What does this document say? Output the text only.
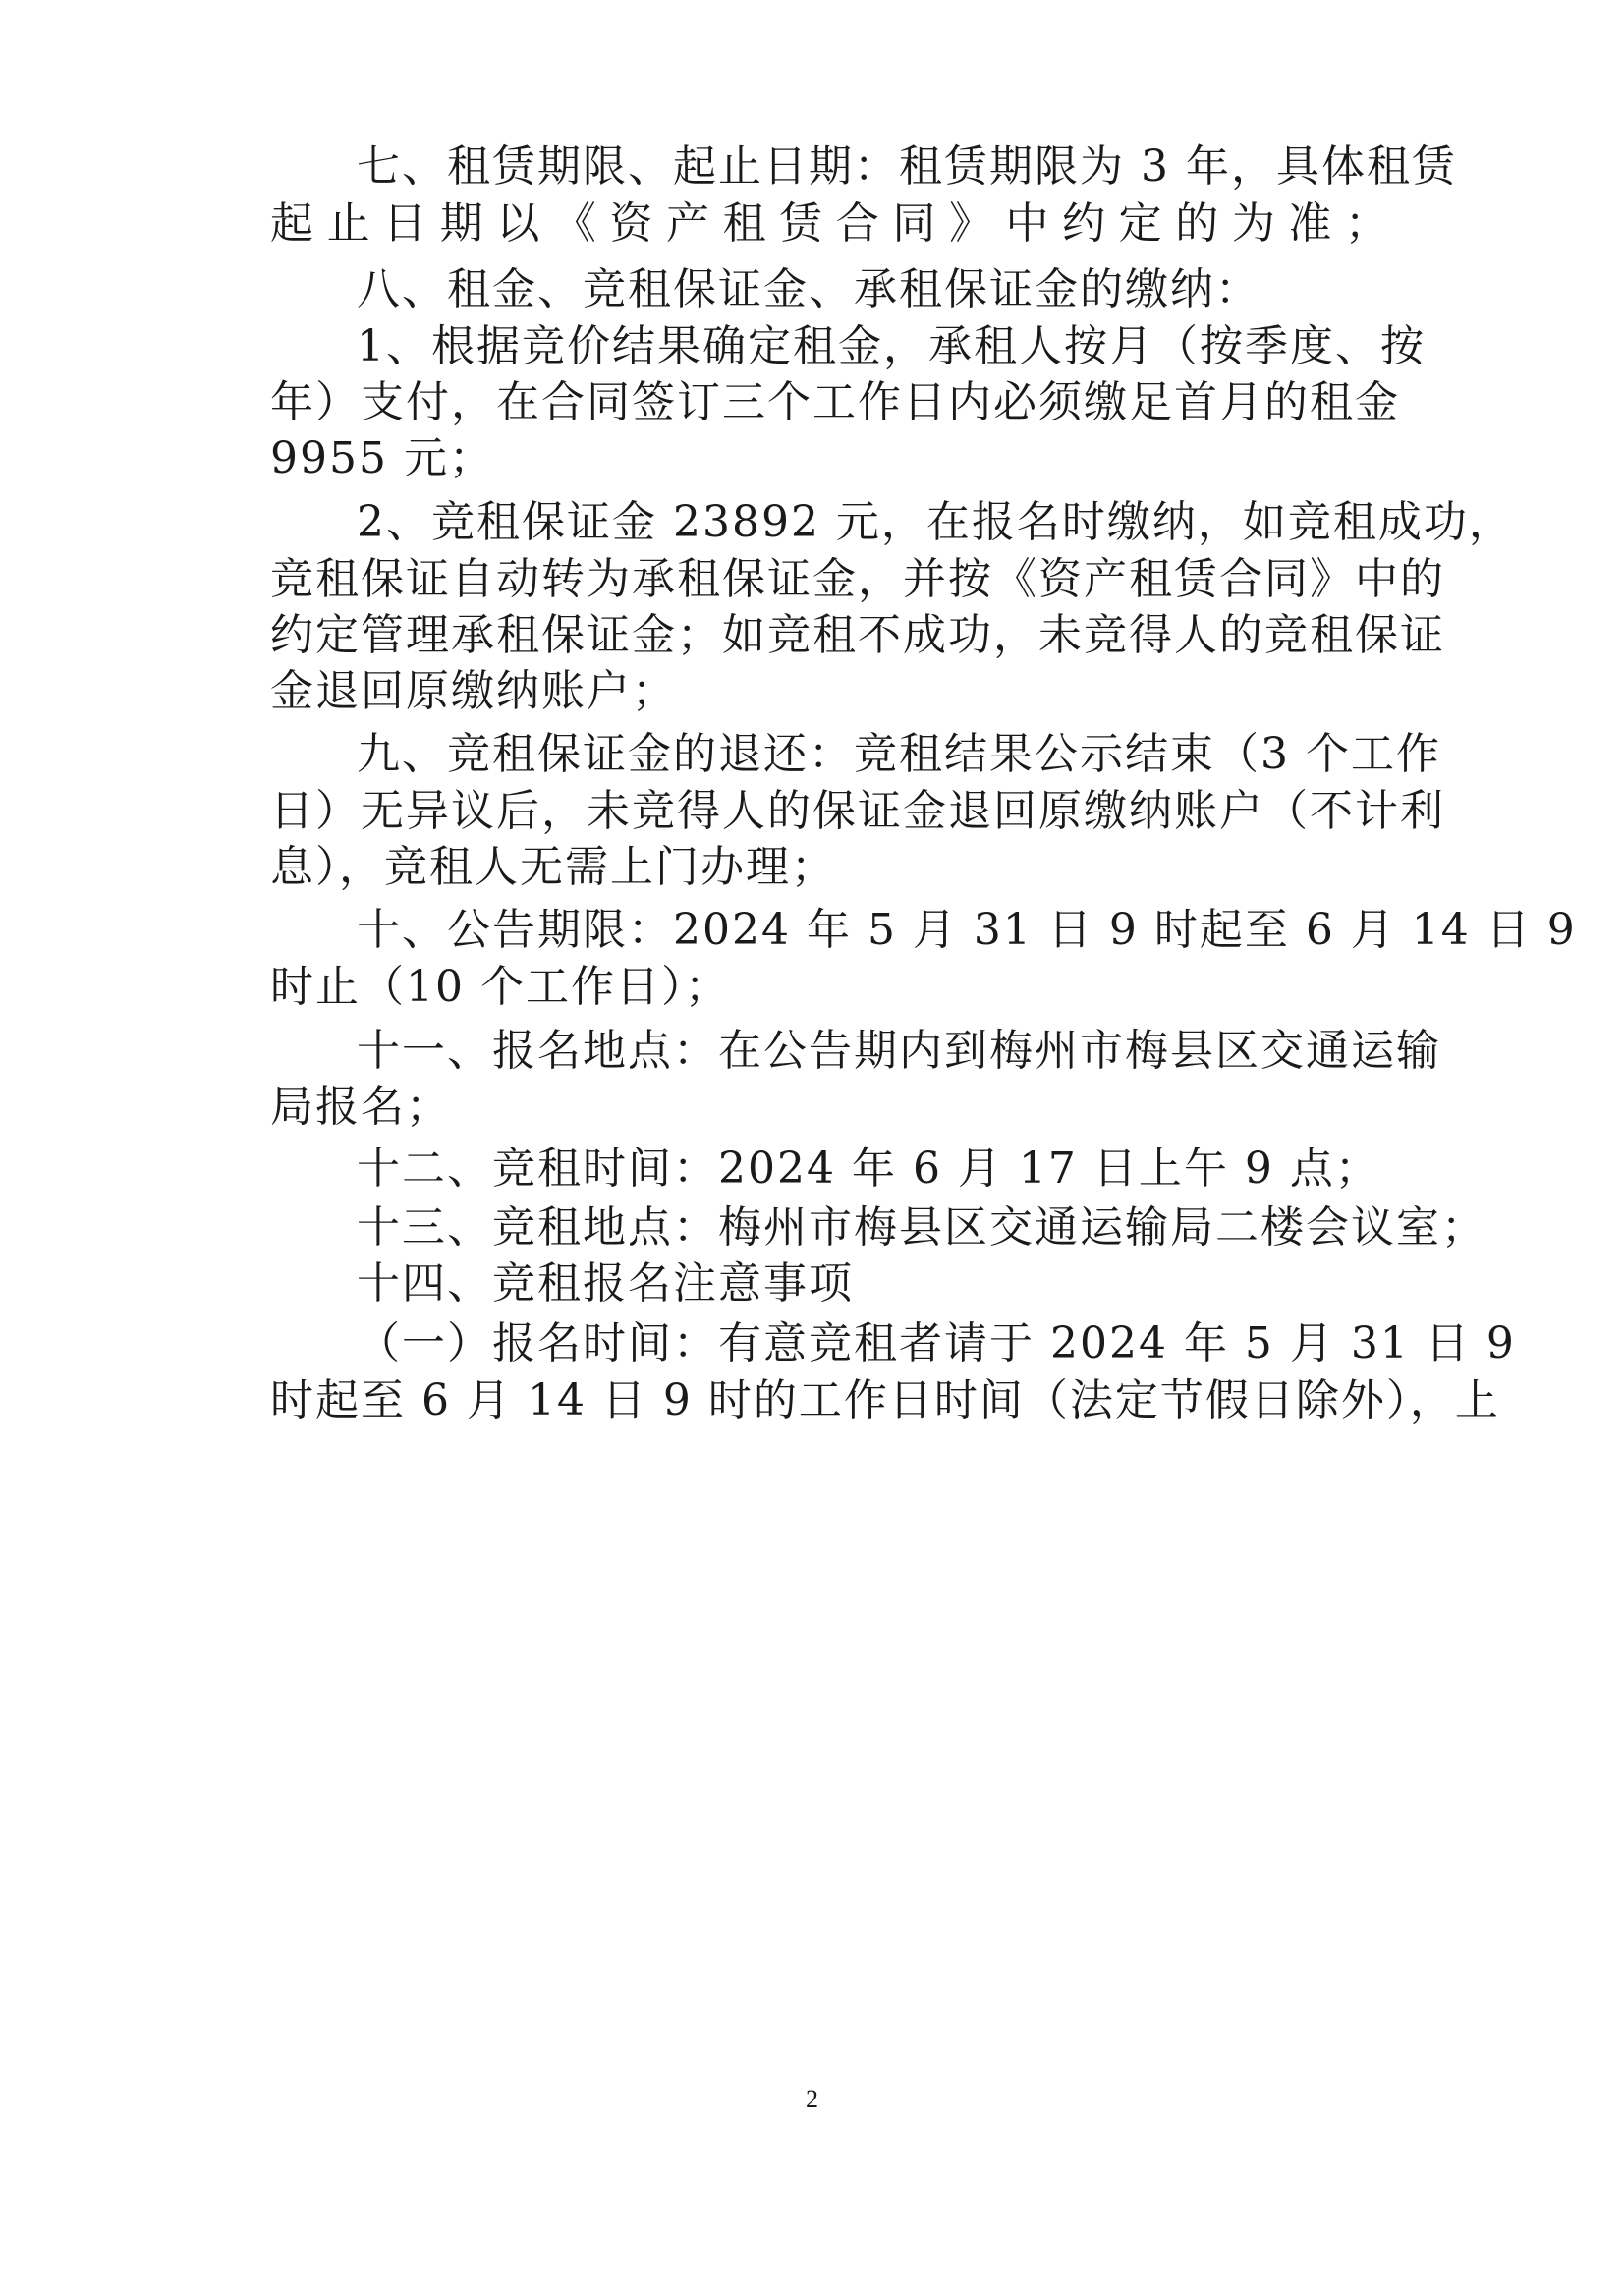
七、租赁期限、起止日期：租赁期限为 3 年，具体租赁
起止日期以《资产租赁合同》中约定的为准；
八、租金、竞租保证金、承租保证金的缴纳：
1、根据竞价结果确定租金，承租人按月（按季度、按
年）支付，在合同签订三个工作日内必须缴足首月的租金
9955 元；
2、竞租保证金 23892 元，在报名时缴纳，如竞租成功，
竞租保证自动转为承租保证金，并按《资产租赁合同》中的
约定管理承租保证金；如竞租不成功，未竞得人的竞租保证
金退回原缴纳账户；
九、竞租保证金的退还：竞租结果公示结束（3 个工作
日）无异议后，未竞得人的保证金退回原缴纳账户（不计利
息），竞租人无需上门办理；
十、公告期限：2024 年 5 月 31 日 9 时起至 6 月 14 日 9
时止（10 个工作日）；
十一、报名地点：在公告期内到梅州市梅县区交通运输
局报名；
十二、竞租时间：2024 年 6 月 17 日上午 9 点；
十三、竞租地点：梅州市梅县区交通运输局二楼会议室；
十四、竞租报名注意事项
（一）报名时间：有意竞租者请于 2024 年 5 月 31 日 9
时起至 6 月 14 日 9 时的工作日时间（法定节假日除外），上
2
